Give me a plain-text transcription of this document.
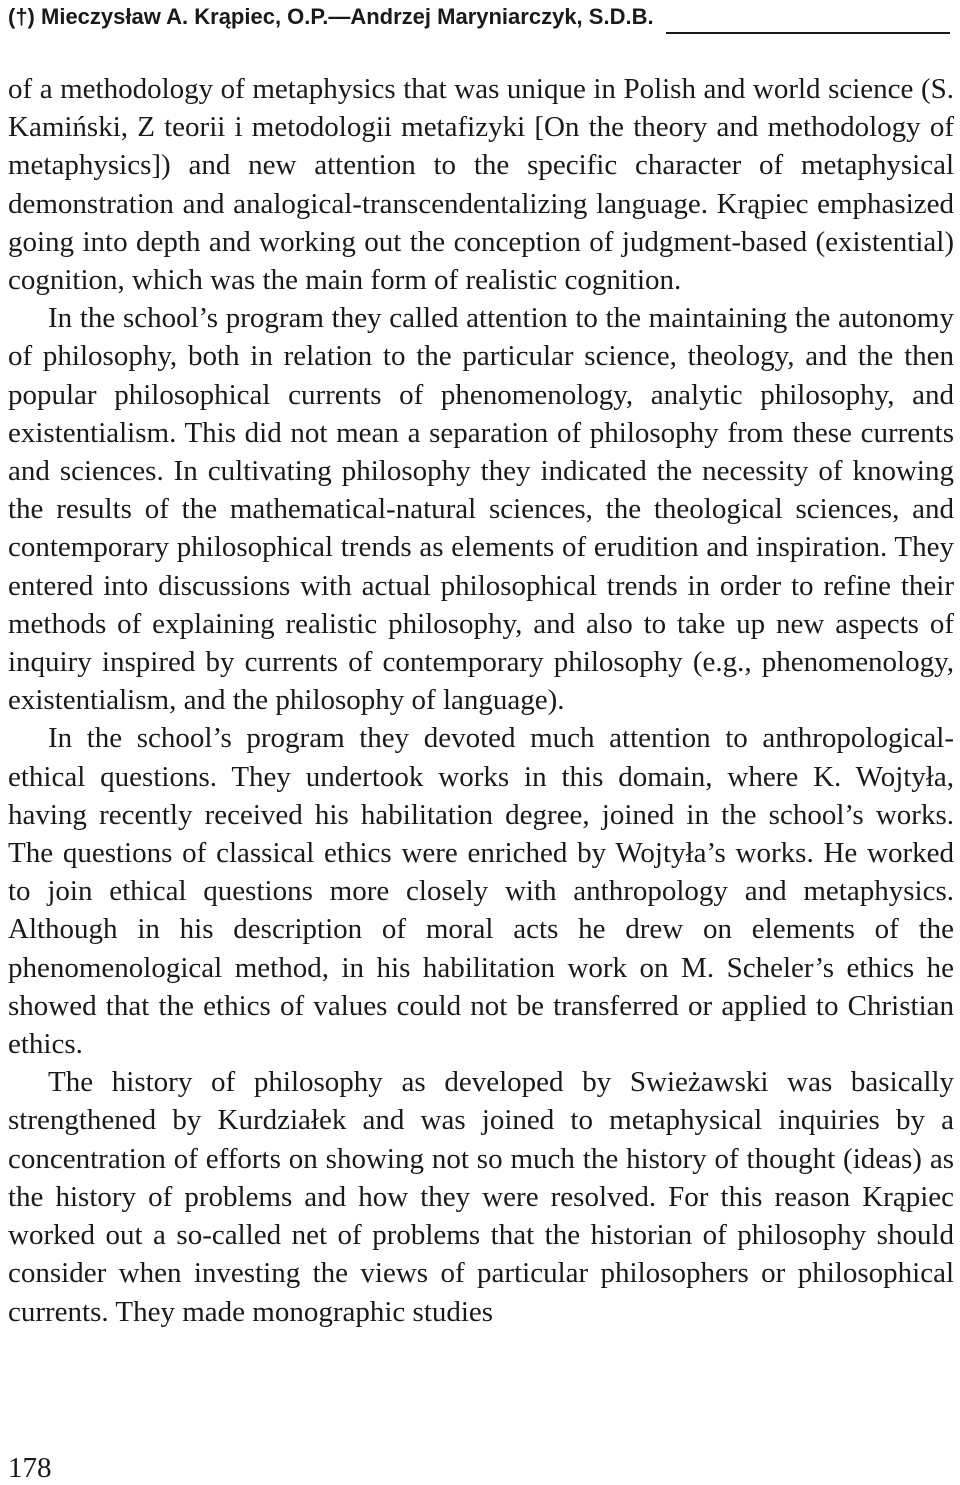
(†) Mieczysław A. Krąpiec, O.P.—Andrzej Maryniarczyk, S.D.B.

of a methodology of metaphysics that was unique in Polish and world science (S. Kamiński, Z teorii i metodologii metafizyki [On the theory and methodology of metaphysics]) and new attention to the specific character of metaphysical demonstration and analogical-transcendentalizing language. Krąpiec emphasized going into depth and working out the conception of judgment-based (existential) cognition, which was the main form of realistic cognition.

In the school’s program they called attention to the maintaining the autonomy of philosophy, both in relation to the particular science, theology, and the then popular philosophical currents of phenomenology, analytic philosophy, and existentialism. This did not mean a separation of philosophy from these currents and sciences. In cultivating philosophy they indicated the necessity of knowing the results of the mathematical-natural sciences, the theological sciences, and contemporary philosophical trends as elements of erudition and inspiration. They entered into discussions with actual philosophical trends in order to refine their methods of explaining realistic philosophy, and also to take up new aspects of inquiry inspired by currents of contemporary philosophy (e.g., phenomenology, existentialism, and the philosophy of language).

In the school’s program they devoted much attention to anthropological-ethical questions. They undertook works in this domain, where K. Wojtyła, having recently received his habilitation degree, joined in the school’s works. The questions of classical ethics were enriched by Wojtyła’s works. He worked to join ethical questions more closely with anthropology and metaphysics. Although in his description of moral acts he drew on elements of the phenomenological method, in his habilitation work on M. Scheler’s ethics he showed that the ethics of values could not be transferred or applied to Christian ethics.

The history of philosophy as developed by Swieżawski was basically strengthened by Kurdziałek and was joined to metaphysical inquiries by a concentration of efforts on showing not so much the history of thought (ideas) as the history of problems and how they were resolved. For this reason Krąpiec worked out a so-called net of problems that the historian of philosophy should consider when investing the views of particular philosophers or philosophical currents. They made monographic studies

178
